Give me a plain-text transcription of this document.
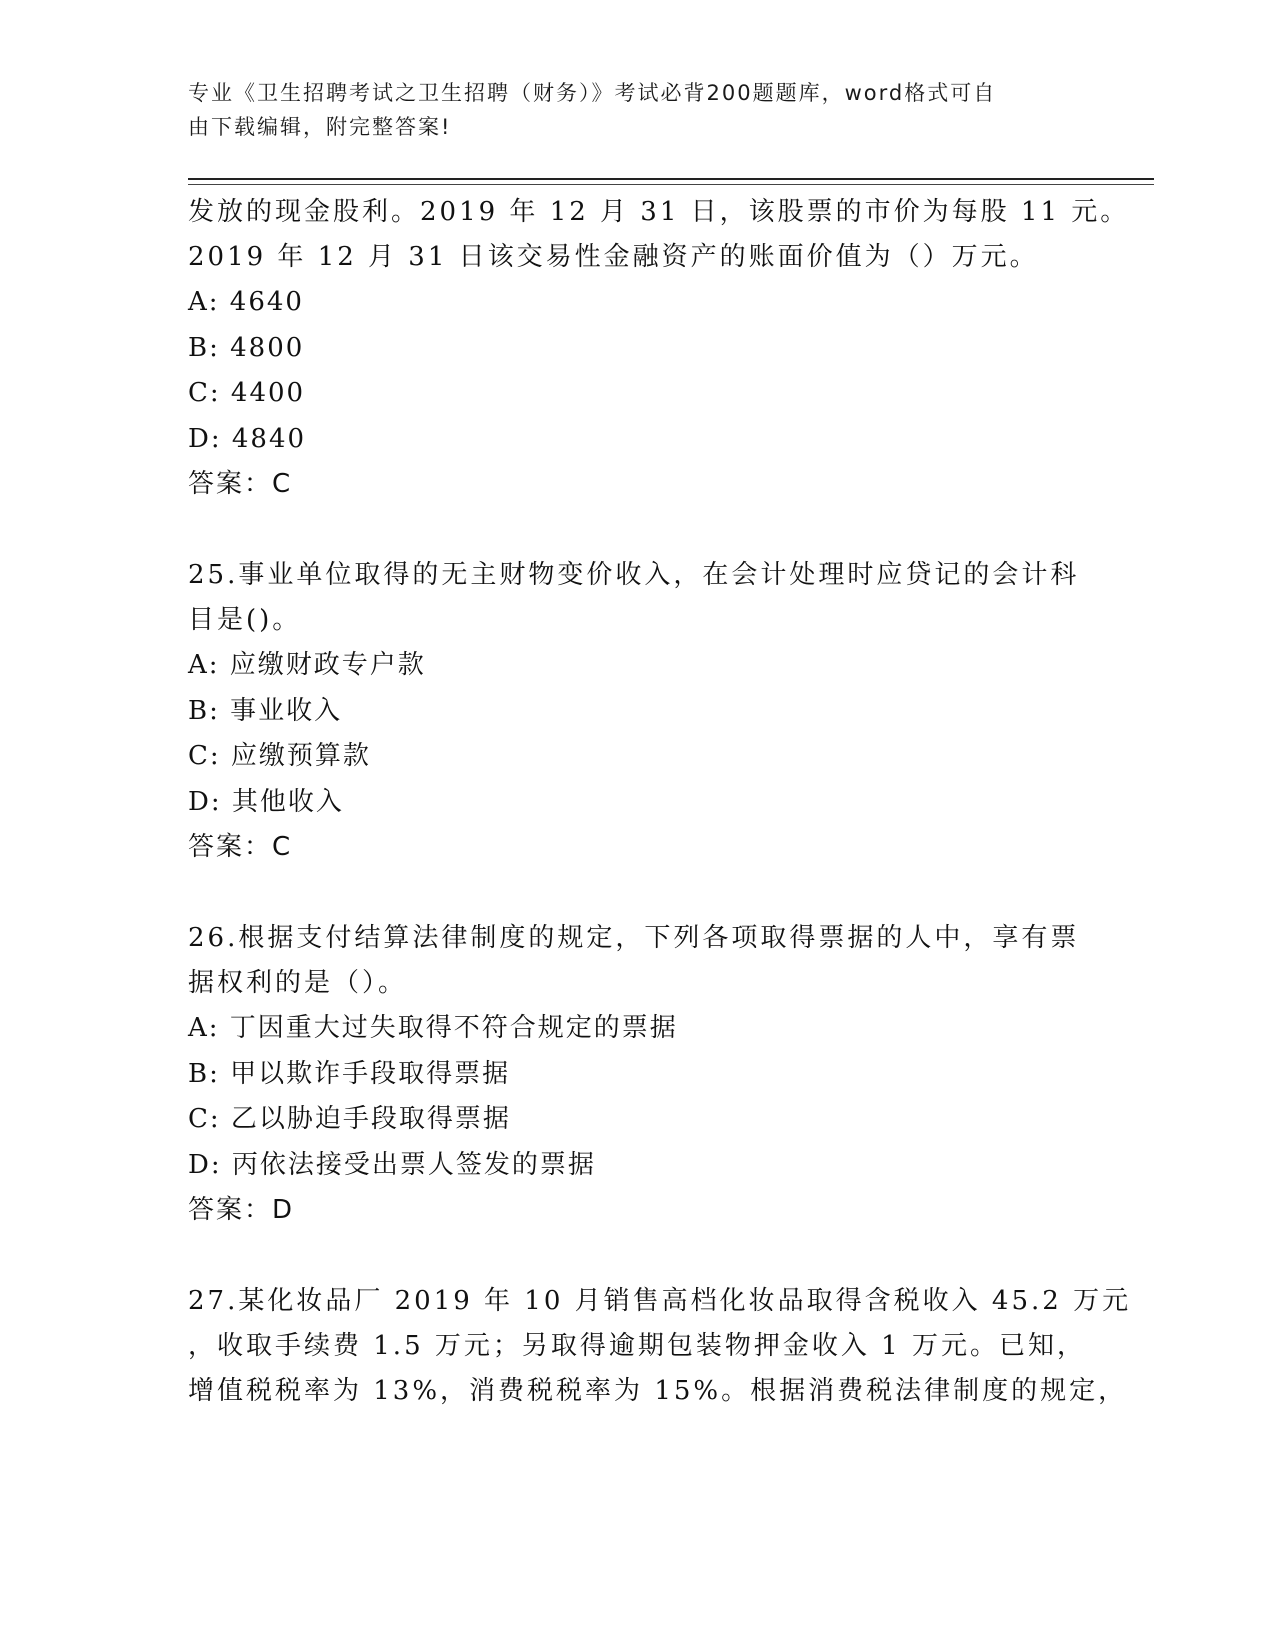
专业《卫生招聘考试之卫生招聘（财务）》考试必背200题题库，word格式可自
由下载编辑，附完整答案!
发放的现金股利。2019 年 12 月 31 日，该股票的市价为每股 11 元。
2019 年 12 月 31 日该交易性金融资产的账面价值为（）万元。
A: 4640
B: 4800
C: 4400
D: 4840
答案：C
25.事业单位取得的无主财物变价收入，在会计处理时应贷记的会计科
目是()。
A: 应缴财政专户款
B: 事业收入
C: 应缴预算款
D: 其他收入
答案：C
26.根据支付结算法律制度的规定，下列各项取得票据的人中，享有票
据权利的是（）。
A: 丁因重大过失取得不符合规定的票据
B: 甲以欺诈手段取得票据
C: 乙以胁迫手段取得票据
D: 丙依法接受出票人签发的票据
答案：D
27.某化妆品厂 2019 年 10 月销售高档化妆品取得含税收入 45.2 万元
，收取手续费 1.5 万元；另取得逾期包装物押金收入 1 万元。已知，
增值税税率为 13%，消费税税率为 15%。根据消费税法律制度的规定，
